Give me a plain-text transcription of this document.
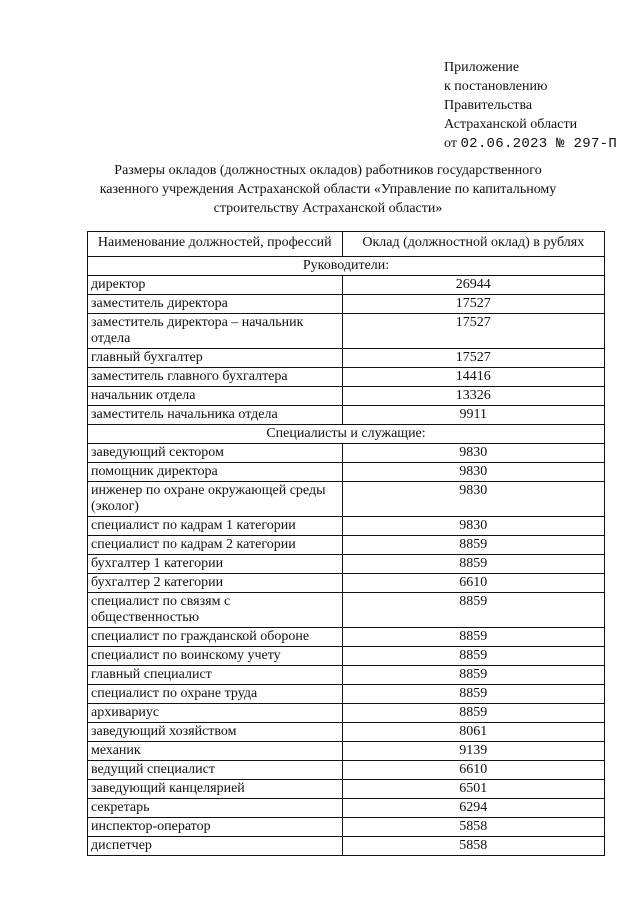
Приложение
к постановлению
Правительства
Астраханской области
от 02.06.2023 № 297-П
Размеры окладов (должностных окладов) работников государственного
казенного учреждения Астраханской области «Управление по капитальному
строительству Астраханской области»
Наименование должностей, профессий	Оклад (должностной оклад) в рублях
Руководители:	
директор	26944
заместитель директора	17527
заместитель директора – начальник отдела	17527
главный бухгалтер	17527
заместитель главного бухгалтера	14416
начальник отдела	13326
заместитель начальника отдела	9911
Специалисты и служащие:	
заведующий сектором	9830
помощник директора	9830
инженер по охране окружающей среды (эколог)	9830
специалист по кадрам 1 категории	9830
специалист по кадрам 2 категории	8859
бухгалтер 1 категории	8859
бухгалтер 2 категории	6610
специалист по связям с общественностью	8859
специалист по гражданской обороне	8859
специалист по воинскому учету	8859
главный специалист	8859
специалист по охране труда	8859
архивариус	8859
заведующий хозяйством	8061
механик	9139
ведущий специалист	6610
заведующий канцелярией	6501
секретарь	6294
инспектор-оператор	5858
диспетчер	5858
